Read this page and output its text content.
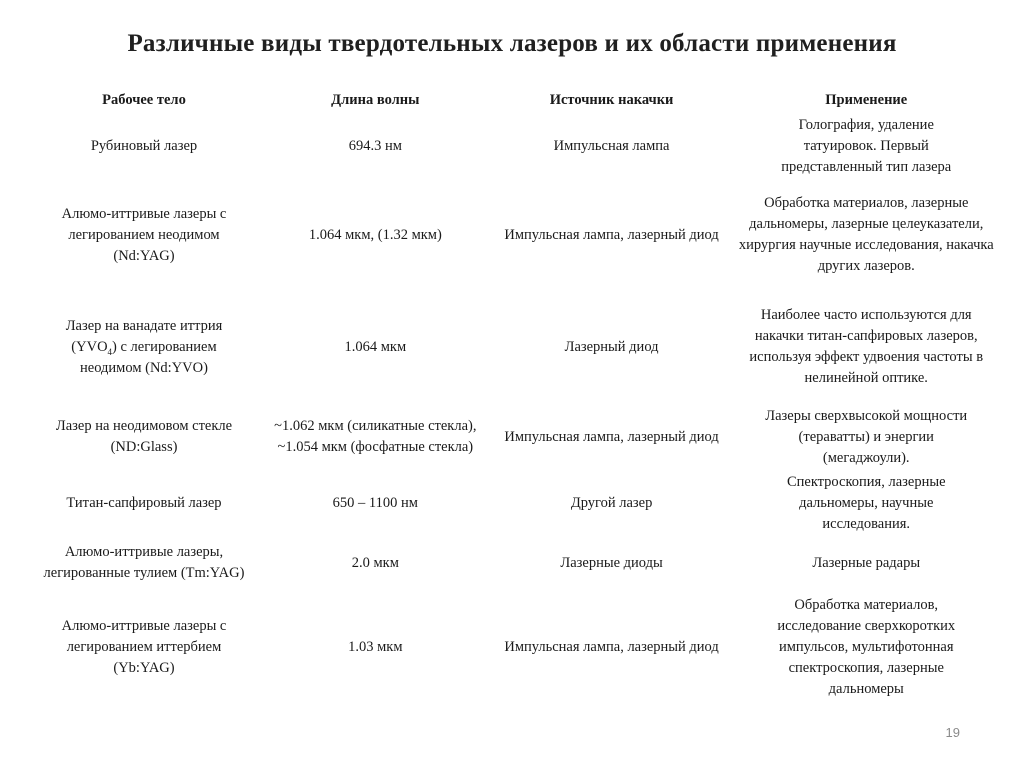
Различные виды твердотельных лазеров и их области применения
Рабочее тело	Длина волны	Источник накачки	Применение
Рубиновый лазер	694.3 нм	Импульсная лампа	Голография, удаление татуировок. Первый представленный тип лазера
Алюмо-иттривые лазеры с легированием неодимом (Nd:YAG)	1.064 мкм, (1.32 мкм)	Импульсная лампа, лазерный диод	Обработка материалов, лазерные дальномеры, лазерные целеуказатели, хирургия научные исследования, накачка других лазеров.
Лазер на ванадате иттрия $(YVO_4)$ с легированием неодимом (Nd:YVO)	1.064 мкм	Лазерный диод	Наиболее часто используются для накачки титан-сапфировых лазеров, используя эффект удвоения частоты в нелинейной оптике.
Лазер на неодимовом стекле (ND:Glass)	~1.062 мкм (силикатные стекла), ~1.054 мкм (фосфатные стекла)	Импульсная лампа, лазерный диод	Лазеры сверхвысокой мощности (тераватты) и энергии (мегаджоули).
Титан-сапфировый лазер	650 – 1100 нм	Другой лазер	Спектроскопия, лазерные дальномеры, научные исследования.
Алюмо-иттривые лазеры, легированные тулием (Tm:YAG)	2.0 мкм	Лазерные диоды	Лазерные радары
Алюмо-иттривые лазеры с легированием иттербием (Yb:YAG)	1.03 мкм	Импульсная лампа, лазерный диод	Обработка материалов, исследование сверхкоротких импульсов, мультифотонная спектроскопия, лазерные дальномеры
19
